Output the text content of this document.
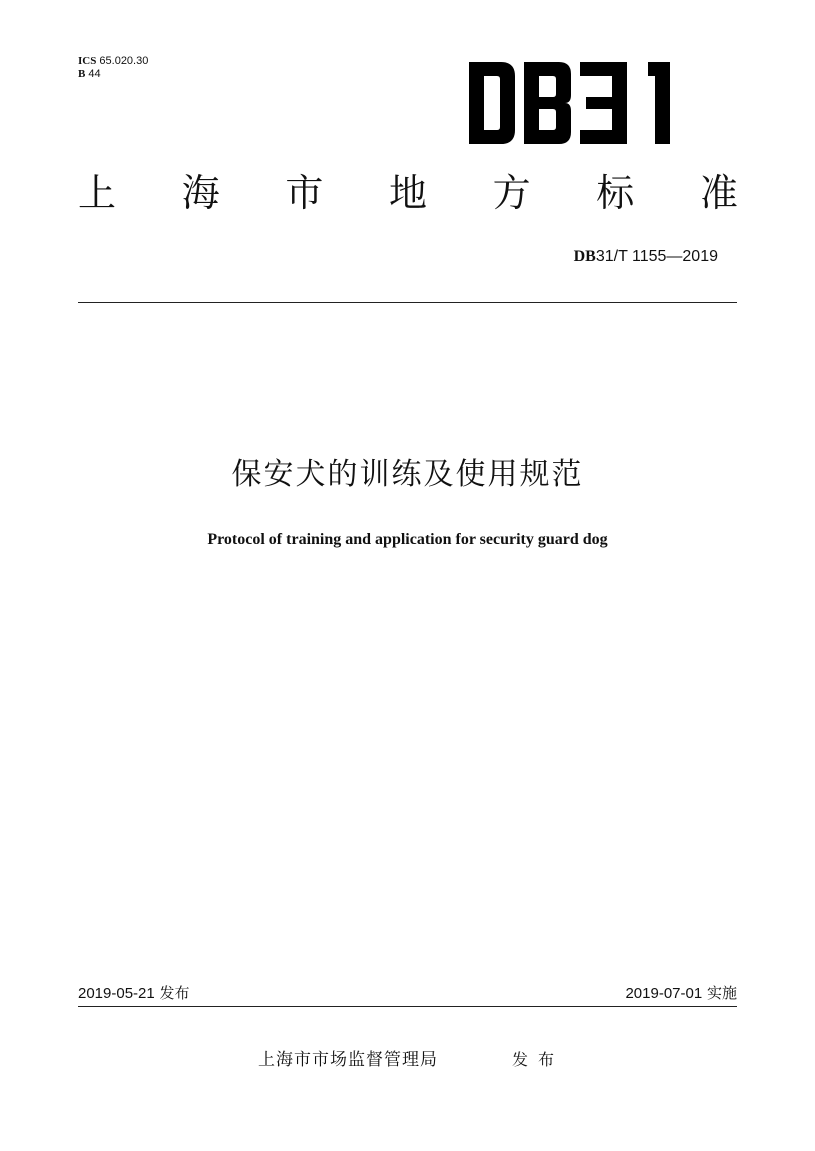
ICS 65.020.30
B 44
上 海 市 地 方 标 准
DB31/T 1155—2019
保安犬的训练及使用规范
Protocol of training and application for security guard dog
2019-05-21 发布	2019-07-01 实施
上海市市场监督管理局	发布
